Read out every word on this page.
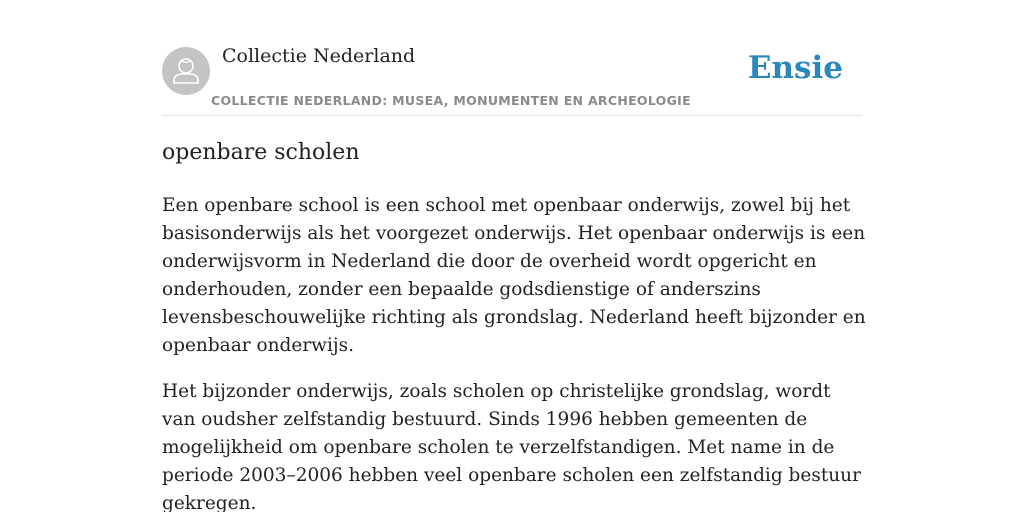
Collectie Nederland
COLLECTIE NEDERLAND: MUSEA, MONUMENTEN EN ARCHEOLOGIE
Ensie
openbare scholen

Een openbare school is een school met openbaar onderwijs, zowel bij het basisonderwijs als het voorgezet onderwijs. Het openbaar onderwijs is een onderwijsvorm in Nederland die door de overheid wordt opgericht en onderhouden, zonder een bepaalde godsdienstige of anderszins levensbeschouwelijke richting als grondslag. Nederland heeft bijzonder en openbaar onderwijs.

Het bijzonder onderwijs, zoals scholen op christelijke grondslag, wordt van oudsher zelfstandig bestuurd. Sinds 1996 hebben gemeenten de mogelijkheid om openbare scholen te verzelfstandigen. Met name in de periode 2003–2006 hebben veel openbare scholen een zelfstandig bestuur gekregen.
